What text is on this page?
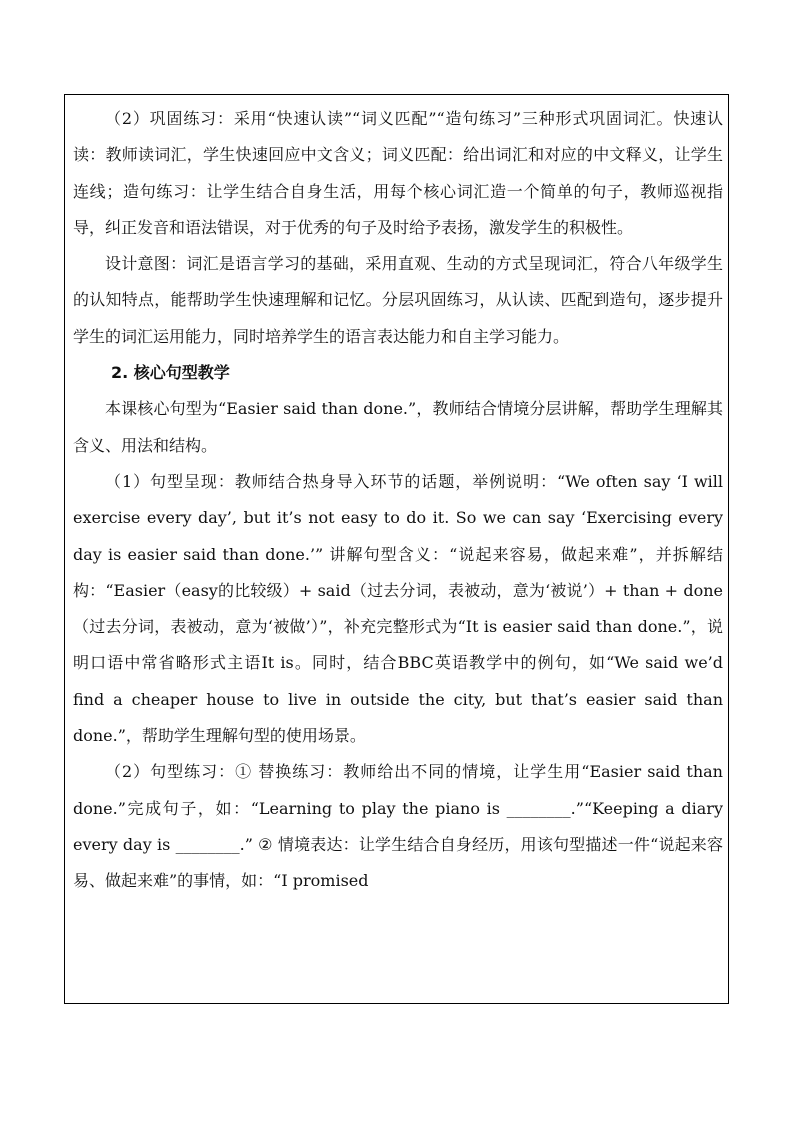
（2）巩固练习：采用“快速认读”“词义匹配”“造句练习”三种形式巩固词汇。快速认读：教师读词汇，学生快速回应中文含义；词义匹配：给出词汇和对应的中文释义，让学生连线；造句练习：让学生结合自身生活，用每个核心词汇造一个简单的句子，教师巡视指导，纠正发音和语法错误，对于优秀的句子及时给予表扬，激发学生的积极性。

设计意图：词汇是语言学习的基础，采用直观、生动的方式呈现词汇，符合八年级学生的认知特点，能帮助学生快速理解和记忆。分层巩固练习，从认读、匹配到造句，逐步提升学生的词汇运用能力，同时培养学生的语言表达能力和自主学习能力。

2. 核心句型教学

本课核心句型为“Easier said than done.”，教师结合情境分层讲解，帮助学生理解其含义、用法和结构。

（1）句型呈现：教师结合热身导入环节的话题，举例说明：“We often say ‘I will exercise every day’, but it’s not easy to do it. So we can say ‘Exercising every day is easier said than done.’” 讲解句型含义：“说起来容易，做起来难”，并拆解结构：“Easier（easy的比较级）+ said（过去分词，表被动，意为‘被说’）+ than + done（过去分词，表被动，意为‘被做’）”，补充完整形式为“It is easier said than done.”，说明口语中常省略形式主语It is。同时，结合BBC英语教学中的例句，如“We said we’d find a cheaper house to live in outside the city, but that’s easier said than done.”，帮助学生理解句型的使用场景。

（2）句型练习：① 替换练习：教师给出不同的情境，让学生用“Easier said than done.”完成句子，如：“Learning to play the piano is ________.”“Keeping a diary every day is ________.” ② 情境表达：让学生结合自身经历，用该句型描述一件“说起来容易、做起来难”的事情，如：“I promised
